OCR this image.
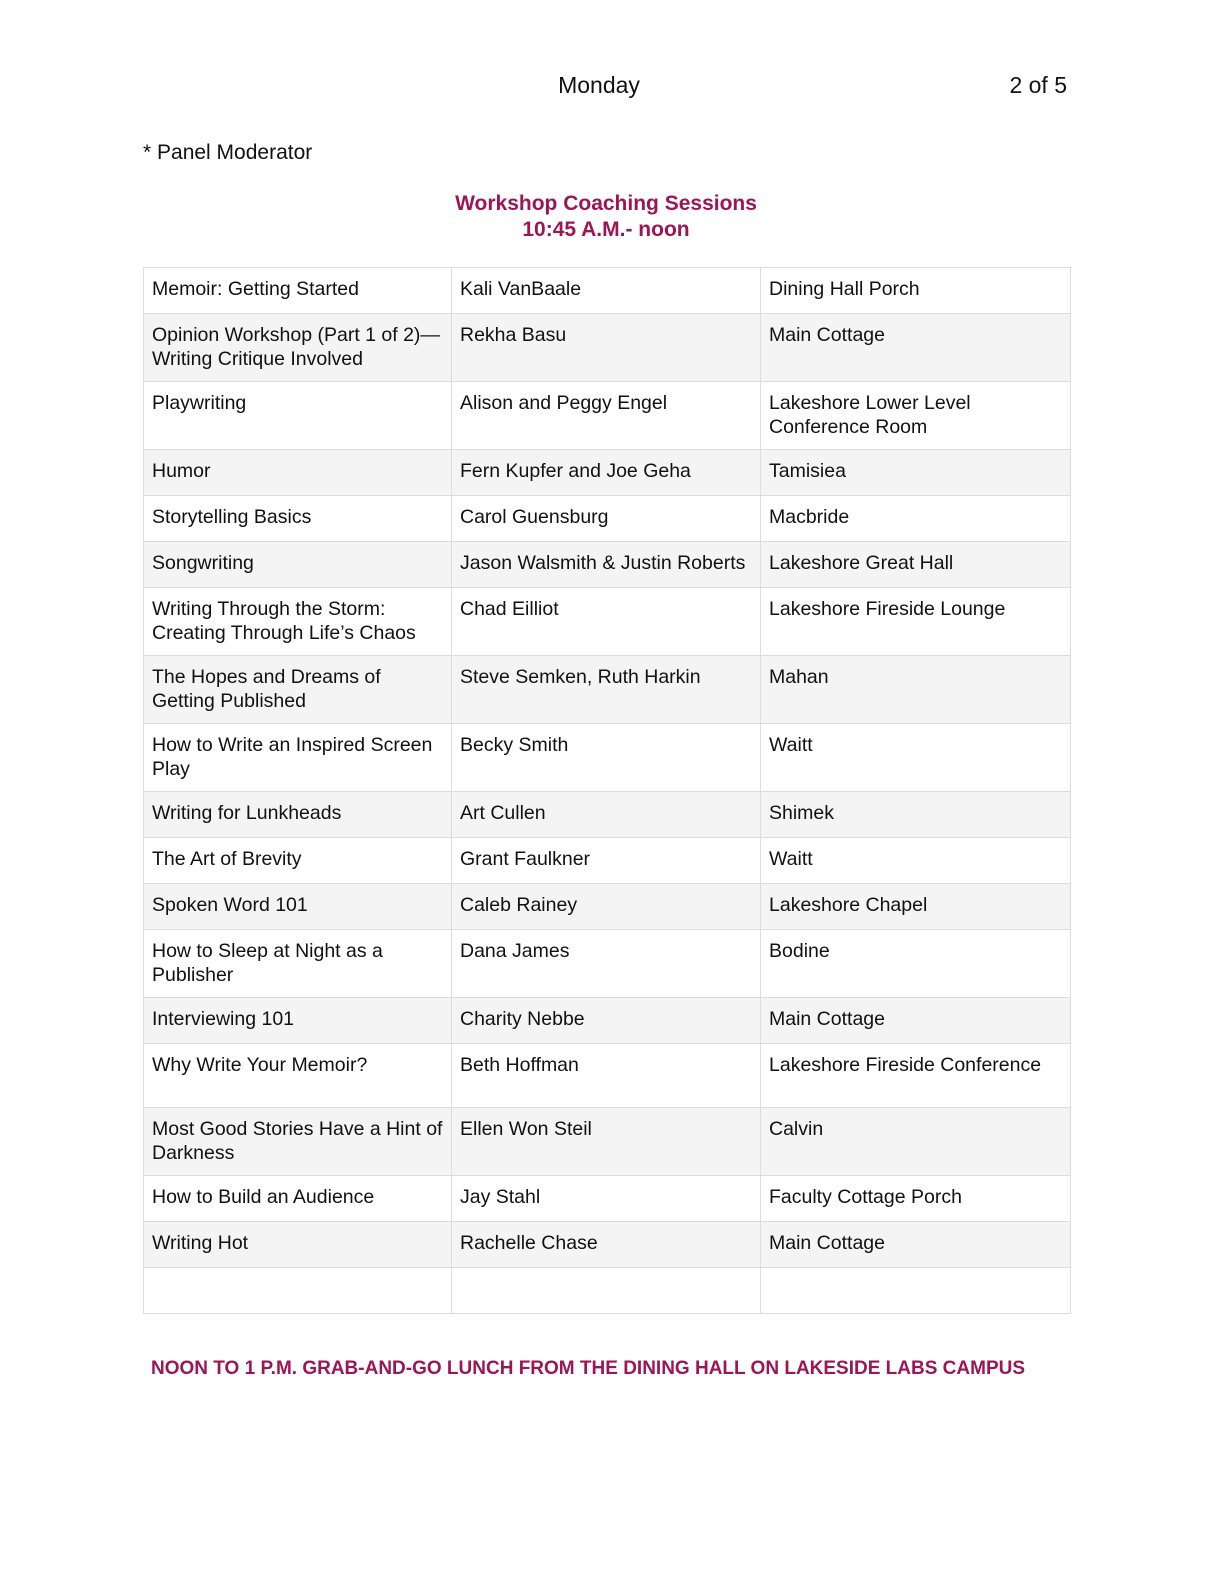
Monday	2 of 5
* Panel Moderator
Workshop Coaching Sessions
10:45 A.M.- noon
Memoir: Getting Started	Kali VanBaale	Dining Hall Porch
Opinion Workshop (Part 1 of 2)—Writing Critique Involved	Rekha Basu	Main Cottage
Playwriting	Alison and Peggy Engel	Lakeshore Lower Level Conference Room
Humor	Fern Kupfer and Joe Geha	Tamisiea
Storytelling Basics	Carol Guensburg	Macbride
Songwriting	Jason Walsmith & Justin Roberts	Lakeshore Great Hall
Writing Through the Storm: Creating Through Life’s Chaos	Chad Eilliot	Lakeshore Fireside Lounge
The Hopes and Dreams of Getting Published	Steve Semken, Ruth Harkin	Mahan
How to Write an Inspired Screen Play	Becky Smith	Waitt
Writing for Lunkheads	Art Cullen	Shimek
The Art of Brevity	Grant Faulkner	Waitt
Spoken Word 101	Caleb Rainey	Lakeshore Chapel
How to Sleep at Night as a Publisher	Dana James	Bodine
Interviewing 101	Charity Nebbe	Main Cottage
Why Write Your Memoir?	Beth Hoffman	Lakeshore Fireside Conference
Most Good Stories Have a Hint of Darkness	Ellen Won Steil	Calvin
How to Build an Audience	Jay Stahl	Faculty Cottage Porch
Writing Hot	Rachelle Chase	Main Cottage

NOON TO 1 P.M. GRAB-AND-GO LUNCH FROM THE DINING HALL ON LAKESIDE LABS CAMPUS
